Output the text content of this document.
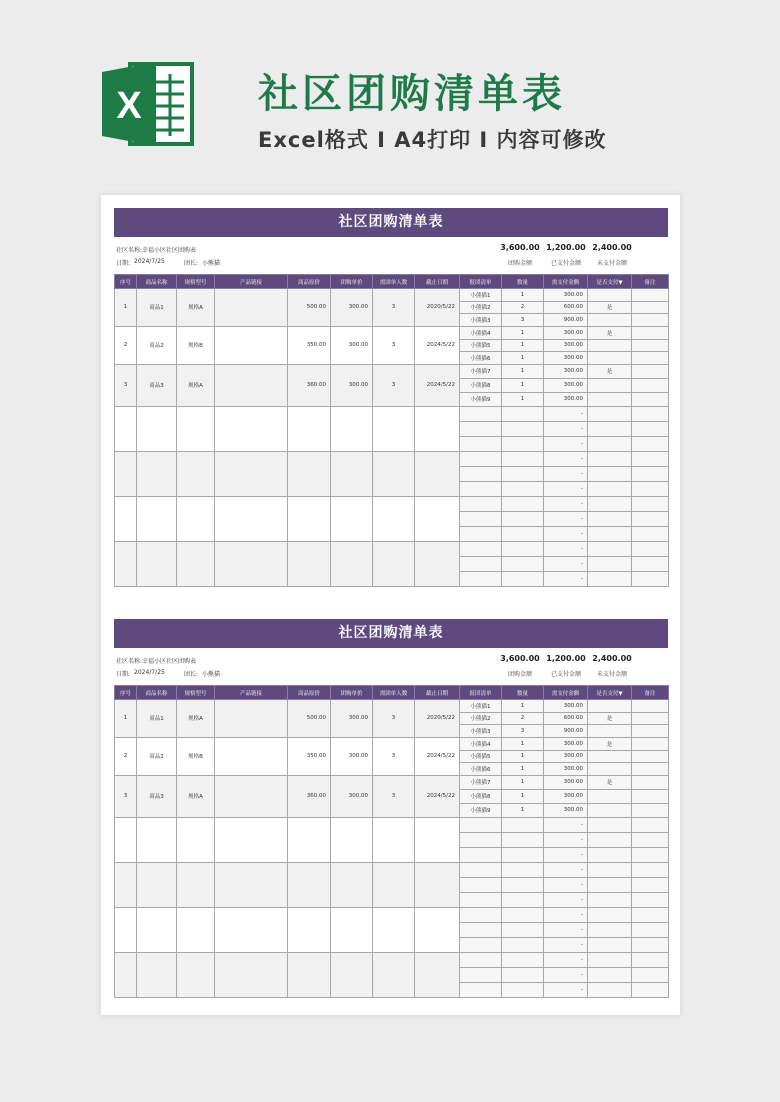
X	社区团购清单表
Excel格式 I A4打印 I 内容可修改
社区团购清单表
社区名称: 幸福小区社区团购表
日期: 2024/7/25	团长: 小熊猫
3,600.00
团购金额
1,200.00
已支付金额
2,400.00
未支付金额
序号	商品名称	规格型号	产品链接	商品原价	团购单价	需团单人数	截止日期	报团清单	数量	需支付金额	是否支付▼	备注
1	商品1	规格A		500.00	300.00	3	2020/5/22	小熊猫1	1	300.00		
								小熊猫2	2	600.00	是	
								小熊猫3	3	900.00		
2	商品2	规格B		350.00	300.00	3	2024/5/22	小熊猫4	1	300.00	是	
								小熊猫5	1	300.00		
								小熊猫6	1	300.00		
3	商品3	规格A		360.00	300.00	3	2024/5/22	小熊猫7	1	300.00	是	
								小熊猫8	1	300.00		
								小熊猫9	1	300.00		
										-		
										-		
										-		
										-		
										-		
										-		
										-		
										-		
										-		
										-		
										-		
										-		
社区团购清单表
社区名称: 幸福小区社区团购表
日期: 2024/7/25	团长: 小熊猫
3,600.00
团购金额
1,200.00
已支付金额
2,400.00
未支付金额
序号	商品名称	规格型号	产品链接	商品原价	团购单价	需团单人数	截止日期	报团清单	数量	需支付金额	是否支付▼	备注
1	商品1	规格A		500.00	300.00	3	2020/5/22	小熊猫1	1	300.00		
								小熊猫2	2	600.00	是	
								小熊猫3	3	900.00		
2	商品2	规格B		350.00	300.00	3	2024/5/22	小熊猫4	1	300.00	是	
								小熊猫5	1	300.00		
								小熊猫6	1	300.00		
3	商品3	规格A		360.00	300.00	3	2024/5/22	小熊猫7	1	300.00	是	
								小熊猫8	1	300.00		
								小熊猫9	1	300.00		
										-		
										-		
										-		
										-		
										-		
										-		
										-		
										-		
										-		
										-		
										-		
										-		
